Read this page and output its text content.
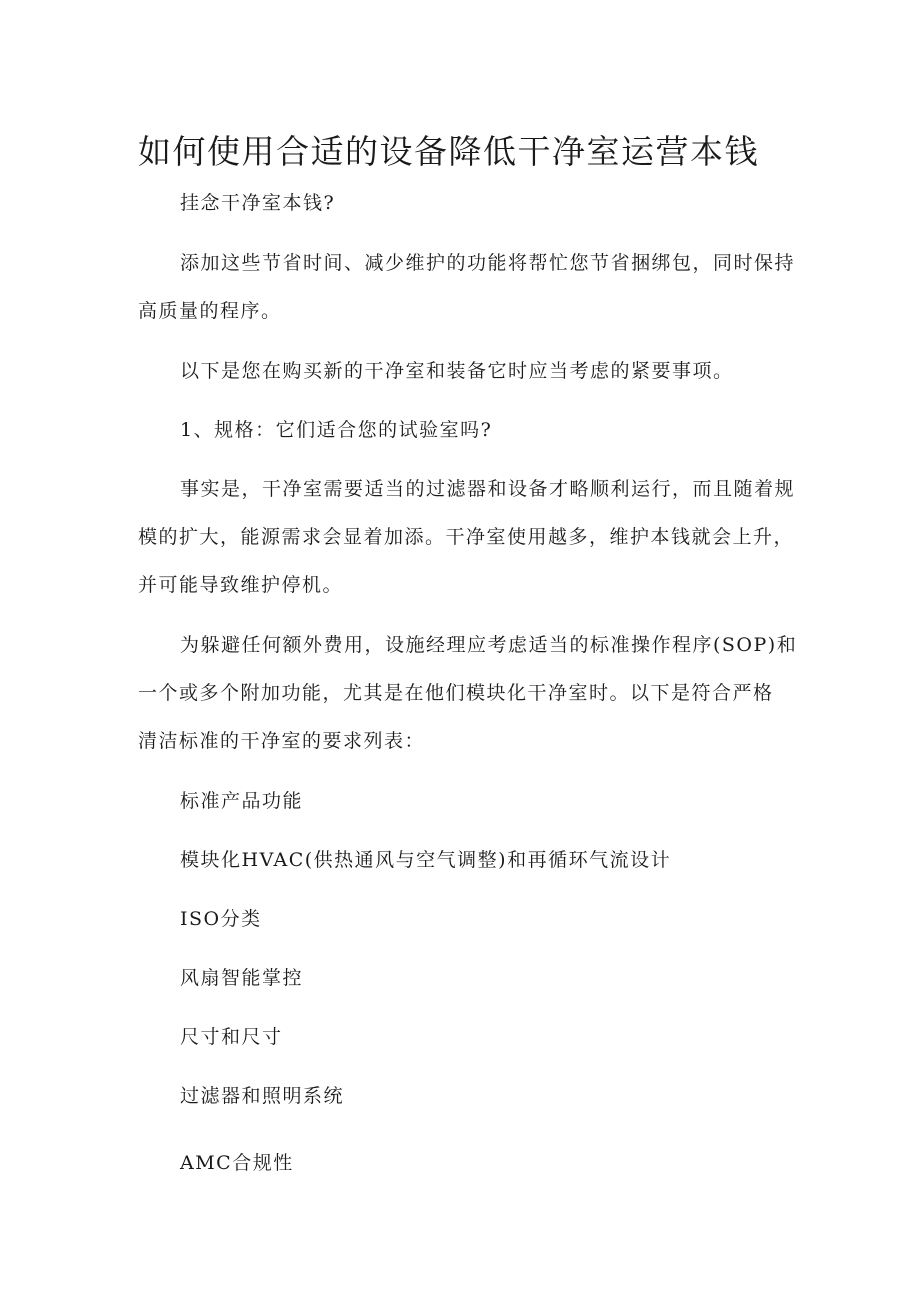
如何使用合适的设备降低干净室运营本钱

挂念干净室本钱?

添加这些节省时间、减少维护的功能将帮忙您节省捆绑包，同时保持

高质量的程序。

以下是您在购买新的干净室和装备它时应当考虑的紧要事项。

1、规格：它们适合您的试验室吗?

事实是，干净室需要适当的过滤器和设备才略顺利运行，而且随着规

模的扩大，能源需求会显着加添。干净室使用越多，维护本钱就会上升，

并可能导致维护停机。

为躲避任何额外费用，设施经理应考虑适当的标准操作程序(SOP)和

一个或多个附加功能，尤其是在他们模块化干净室时。以下是符合严格

清洁标准的干净室的要求列表：

标准产品功能

模块化HVAC(供热通风与空气调整)和再循环气流设计

ISO分类

风扇智能掌控

尺寸和尺寸

过滤器和照明系统

AMC合规性
